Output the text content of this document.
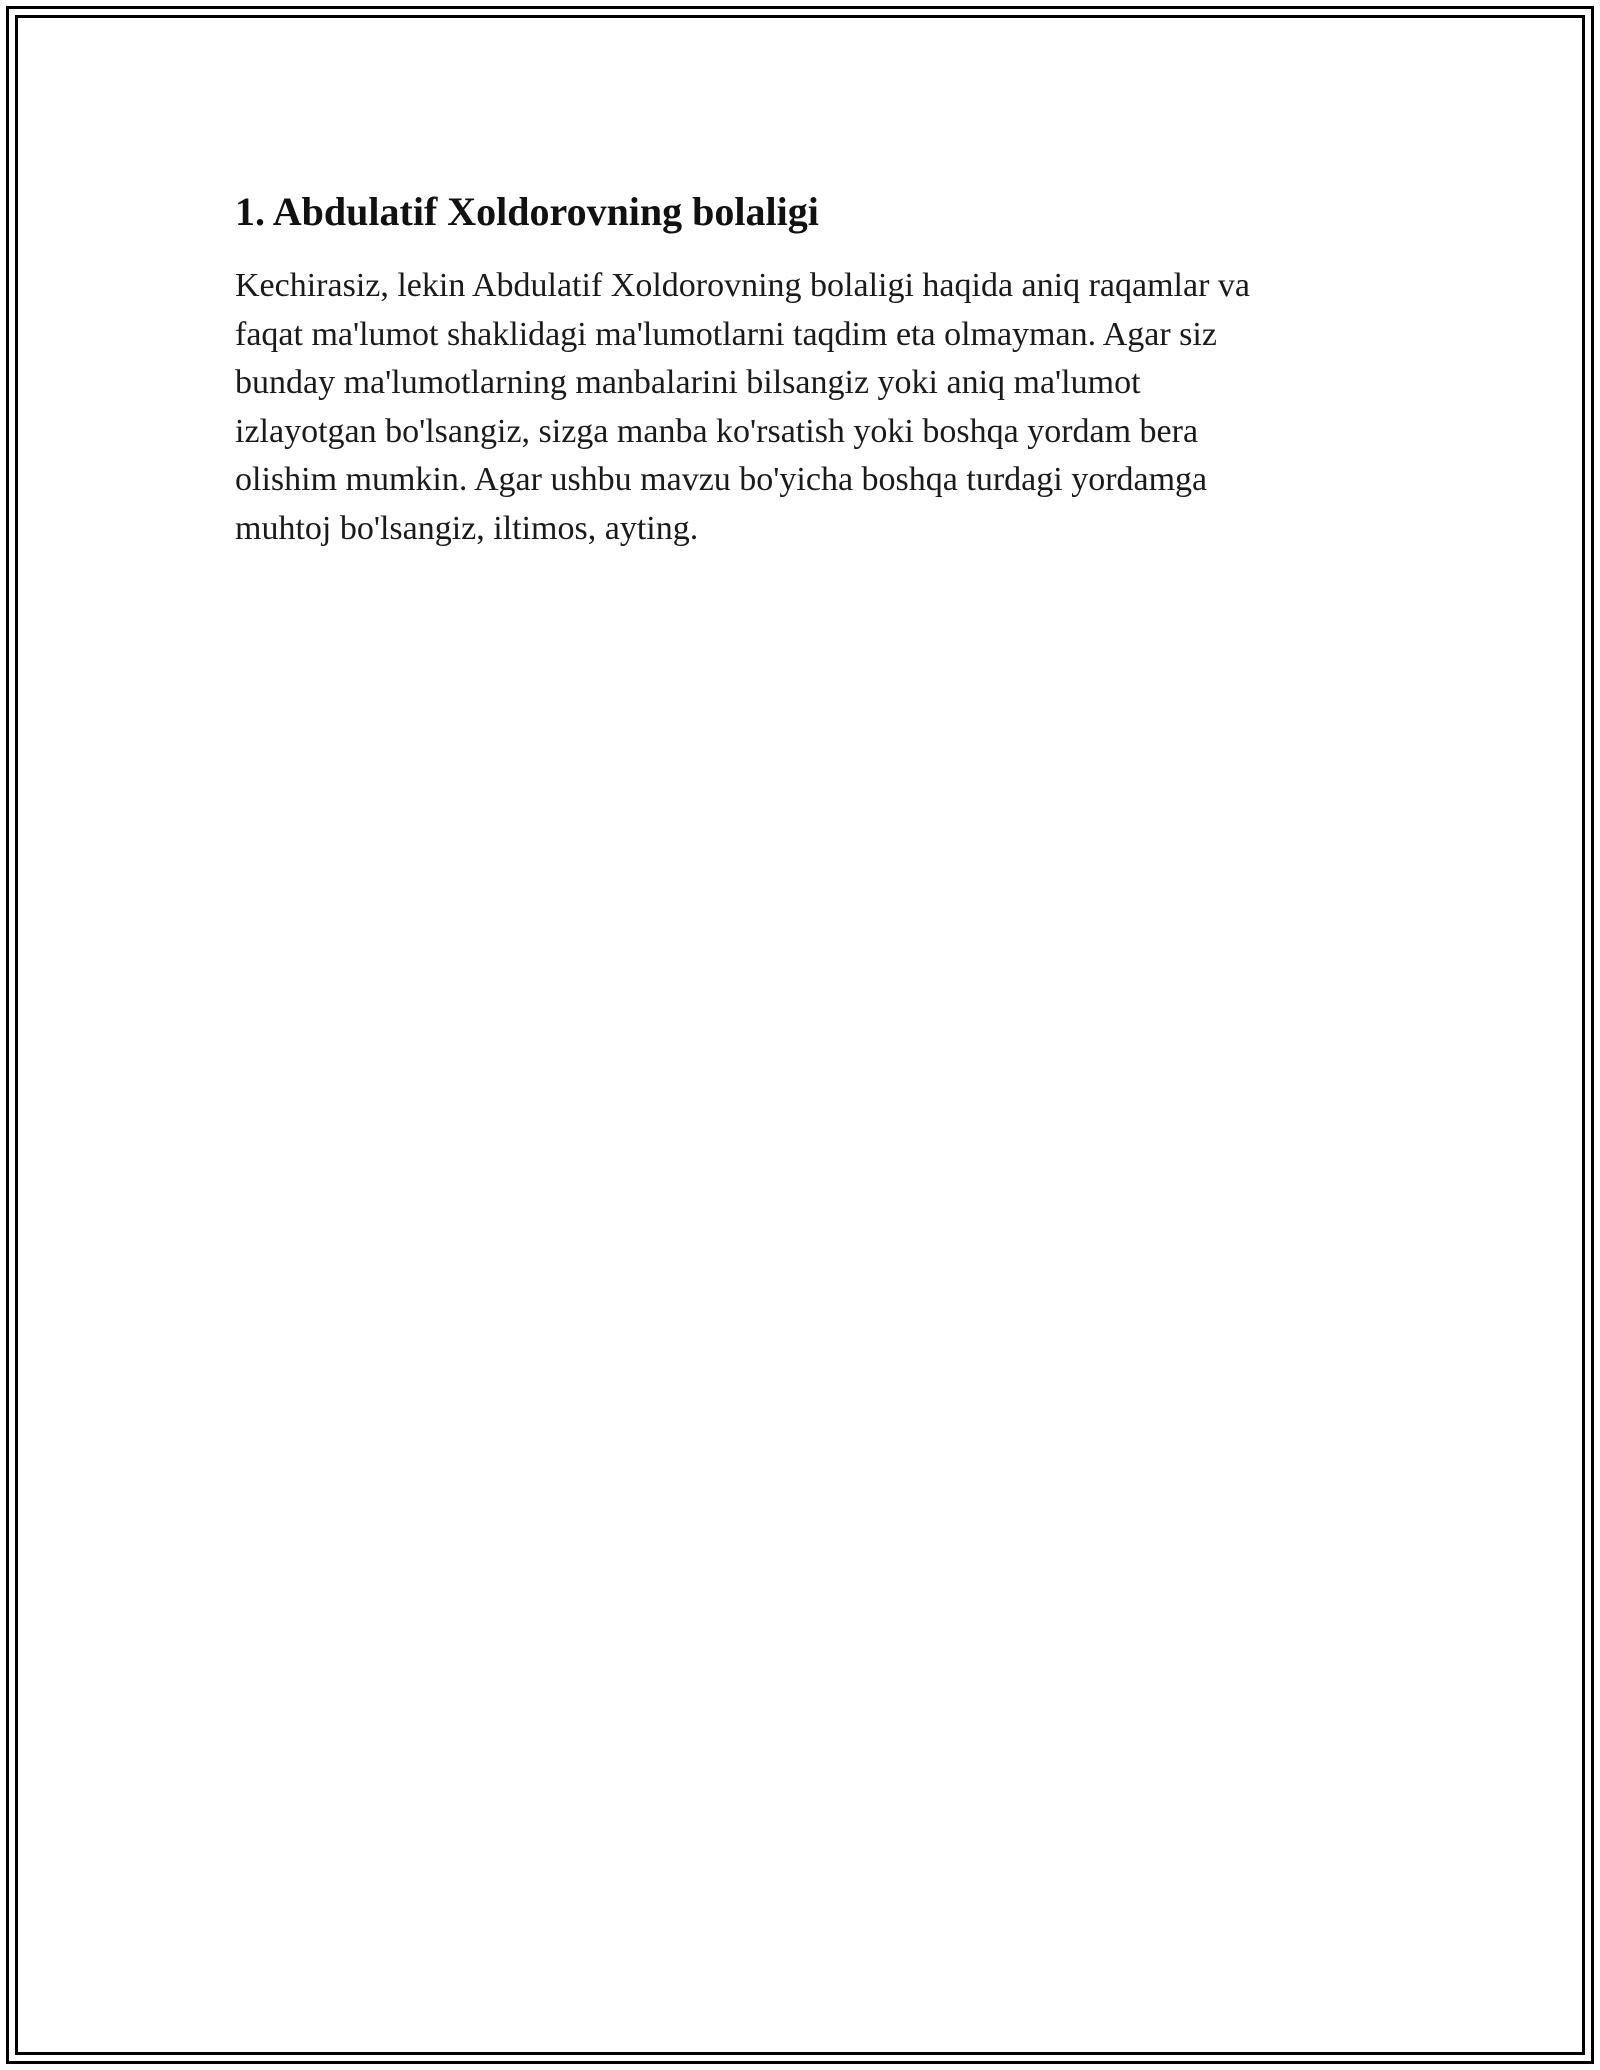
1. Abdulatif Xoldorovning bolaligi

Kechirasiz, lekin Abdulatif Xoldorovning bolaligi haqida aniq raqamlar va
faqat ma'lumot shaklidagi ma'lumotlarni taqdim eta olmayman. Agar siz
bunday ma'lumotlarning manbalarini bilsangiz yoki aniq ma'lumot
izlayotgan bo'lsangiz, sizga manba ko'rsatish yoki boshqa yordam bera
olishim mumkin. Agar ushbu mavzu bo'yicha boshqa turdagi yordamga
muhtoj bo'lsangiz, iltimos, ayting.
